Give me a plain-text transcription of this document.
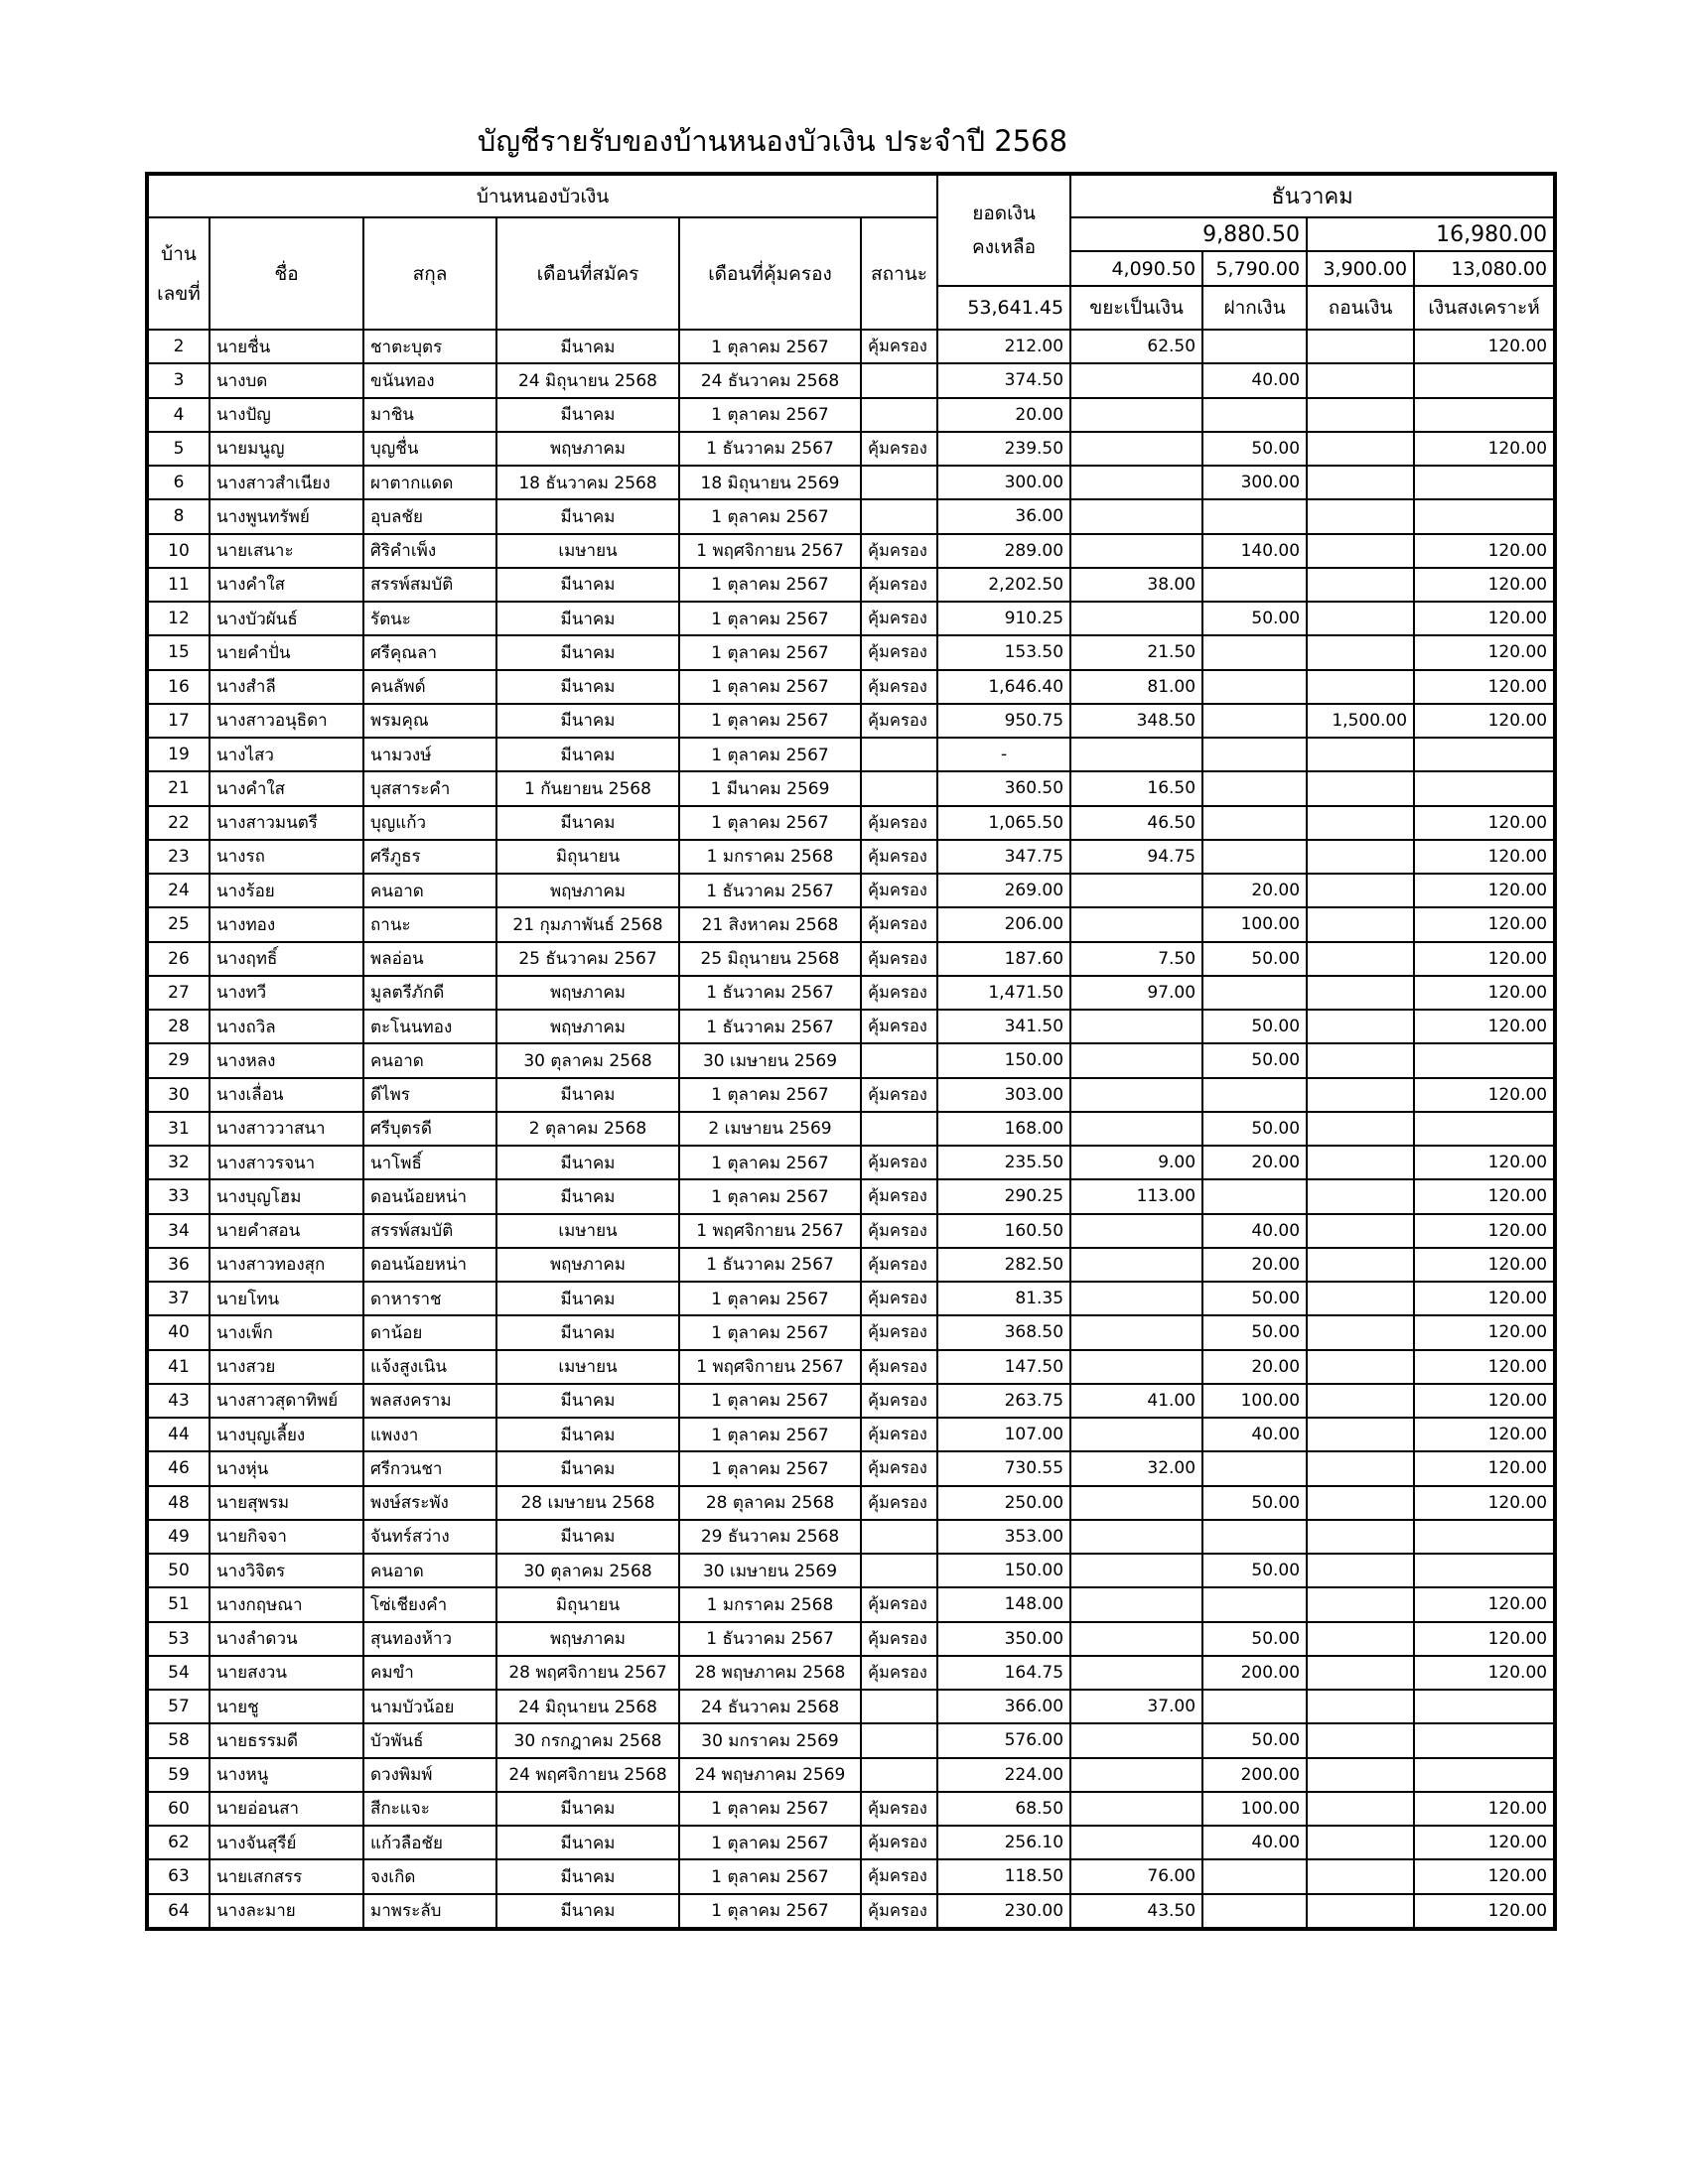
บัญชีรายรับของบ้านหนองบัวเงิน ประจำปี 2568
บ้านหนองบัวเงิน						ยอดเงิน
คงเหลือ	ธันวาคม			

บ้าน
เลขที่	ชื่อ	สกุล	เดือนที่สมัคร	เดือนที่คุ้มครอง	สถานะ		9,880.50		16,980.00	
							4,090.50	5,790.00	3,900.00	13,080.00
						53,641.45	ขยะเป็นเงิน	ฝากเงิน	ถอนเงิน	เงินสงเคราะห์
2	นายชื่น	ชาตะบุตร	มีนาคม	1 ตุลาคม 2567	คุ้มครอง	212.00	62.50			120.00
3	นางบด	ขนันทอง	24 มิถุนายน 2568	24 ธันวาคม 2568		374.50		40.00		
4	นางปัญ	มาชิน	มีนาคม	1 ตุลาคม 2567		20.00				
5	นายมนูญ	บุญชื่น	พฤษภาคม	1 ธันวาคม 2567	คุ้มครอง	239.50		50.00		120.00
6	นางสาวสำเนียง	ผาตากแดด	18 ธันวาคม 2568	18 มิถุนายน 2569		300.00		300.00		
8	นางพูนทรัพย์	อุบลชัย	มีนาคม	1 ตุลาคม 2567		36.00				
10	นายเสนาะ	ศิริคำเพ็ง	เมษายน	1 พฤศจิกายน 2567	คุ้มครอง	289.00		140.00		120.00
11	นางคำใส	สรรพ์สมบัติ	มีนาคม	1 ตุลาคม 2567	คุ้มครอง	2,202.50	38.00			120.00
12	นางบัวผันธ์	รัตนะ	มีนาคม	1 ตุลาคม 2567	คุ้มครอง	910.25		50.00		120.00
15	นายคำปั่น	ศรีคุณลา	มีนาคม	1 ตุลาคม 2567	คุ้มครอง	153.50	21.50			120.00
16	นางสำลี	คนลัพด์	มีนาคม	1 ตุลาคม 2567	คุ้มครอง	1,646.40	81.00			120.00
17	นางสาวอนุธิดา	พรมคุณ	มีนาคม	1 ตุลาคม 2567	คุ้มครอง	950.75	348.50		1,500.00	120.00
19	นางไสว	นามวงษ์	มีนาคม	1 ตุลาคม 2567		-				
21	นางคำใส	บุสสาระคำ	1 กันยายน 2568	1 มีนาคม 2569		360.50	16.50			
22	นางสาวมนตรี	บุญแก้ว	มีนาคม	1 ตุลาคม 2567	คุ้มครอง	1,065.50	46.50			120.00
23	นางรถ	ศรีภูธร	มิถุนายน	1 มกราคม 2568	คุ้มครอง	347.75	94.75			120.00
24	นางร้อย	คนอาด	พฤษภาคม	1 ธันวาคม 2567	คุ้มครอง	269.00		20.00		120.00
25	นางทอง	ถานะ	21 กุมภาพันธ์ 2568	21 สิงหาคม 2568	คุ้มครอง	206.00		100.00		120.00
26	นางฤทธิ์	พลอ่อน	25 ธันวาคม 2567	25 มิถุนายน 2568	คุ้มครอง	187.60	7.50	50.00		120.00
27	นางทวี	มูลตรีภักดี	พฤษภาคม	1 ธันวาคม 2567	คุ้มครอง	1,471.50	97.00			120.00
28	นางถวิล	ตะโนนทอง	พฤษภาคม	1 ธันวาคม 2567	คุ้มครอง	341.50		50.00		120.00
29	นางหลง	คนอาด	30 ตุลาคม 2568	30 เมษายน 2569		150.00		50.00		
30	นางเลื่อน	ดีไพร	มีนาคม	1 ตุลาคม 2567	คุ้มครอง	303.00				120.00
31	นางสาววาสนา	ศรีบุตรดี	2 ตุลาคม 2568	2 เมษายน 2569		168.00		50.00		
32	นางสาวรจนา	นาโพธิ์	มีนาคม	1 ตุลาคม 2567	คุ้มครอง	235.50	9.00	20.00		120.00
33	นางบุญโฮม	ดอนน้อยหน่า	มีนาคม	1 ตุลาคม 2567	คุ้มครอง	290.25	113.00			120.00
34	นายคำสอน	สรรพ์สมบัติ	เมษายน	1 พฤศจิกายน 2567	คุ้มครอง	160.50		40.00		120.00
36	นางสาวทองสุก	ดอนน้อยหน่า	พฤษภาคม	1 ธันวาคม 2567	คุ้มครอง	282.50		20.00		120.00
37	นายโทน	ดาหาราช	มีนาคม	1 ตุลาคม 2567	คุ้มครอง	81.35		50.00		120.00
40	นางเพ็ก	ดาน้อย	มีนาคม	1 ตุลาคม 2567	คุ้มครอง	368.50		50.00		120.00
41	นางสวย	แจ้งสูงเนิน	เมษายน	1 พฤศจิกายน 2567	คุ้มครอง	147.50		20.00		120.00
43	นางสาวสุดาทิพย์	พลสงคราม	มีนาคม	1 ตุลาคม 2567	คุ้มครอง	263.75	41.00	100.00		120.00
44	นางบุญเลี้ยง	แพงงา	มีนาคม	1 ตุลาคม 2567	คุ้มครอง	107.00		40.00		120.00
46	นางหุ่น	ศรีกวนชา	มีนาคม	1 ตุลาคม 2567	คุ้มครอง	730.55	32.00			120.00
48	นายสุพรม	พงษ์สระพัง	28 เมษายน 2568	28 ตุลาคม 2568	คุ้มครอง	250.00		50.00		120.00
49	นายกิจจา	จันทร์สว่าง	มีนาคม	29 ธันวาคม 2568		353.00				
50	นางวิจิตร	คนอาด	30 ตุลาคม 2568	30 เมษายน 2569		150.00		50.00		
51	นางกฤษณา	โซ่เชียงคำ	มิถุนายน	1 มกราคม 2568	คุ้มครอง	148.00				120.00
53	นางลำดวน	สุนทองห้าว	พฤษภาคม	1 ธันวาคม 2567	คุ้มครอง	350.00		50.00		120.00
54	นายสงวน	คมขำ	28 พฤศจิกายน 2567	28 พฤษภาคม 2568	คุ้มครอง	164.75		200.00		120.00
57	นายชู	นามบัวน้อย	24 มิถุนายน 2568	24 ธันวาคม 2568		366.00	37.00			
58	นายธรรมดี	บัวพันธ์	30 กรกฎาคม 2568	30 มกราคม 2569		576.00		50.00		
59	นางหนู	ดวงพิมพ์	24 พฤศจิกายน 2568	24 พฤษภาคม 2569		224.00		200.00		
60	นายอ่อนสา	สีกะแจะ	มีนาคม	1 ตุลาคม 2567	คุ้มครอง	68.50		100.00		120.00
62	นางจันสุรีย์	แก้วลือชัย	มีนาคม	1 ตุลาคม 2567	คุ้มครอง	256.10		40.00		120.00
63	นายเสกสรร	จงเกิด	มีนาคม	1 ตุลาคม 2567	คุ้มครอง	118.50	76.00			120.00
64	นางละมาย	มาพระลับ	มีนาคม	1 ตุลาคม 2567	คุ้มครอง	230.00	43.50			120.00
